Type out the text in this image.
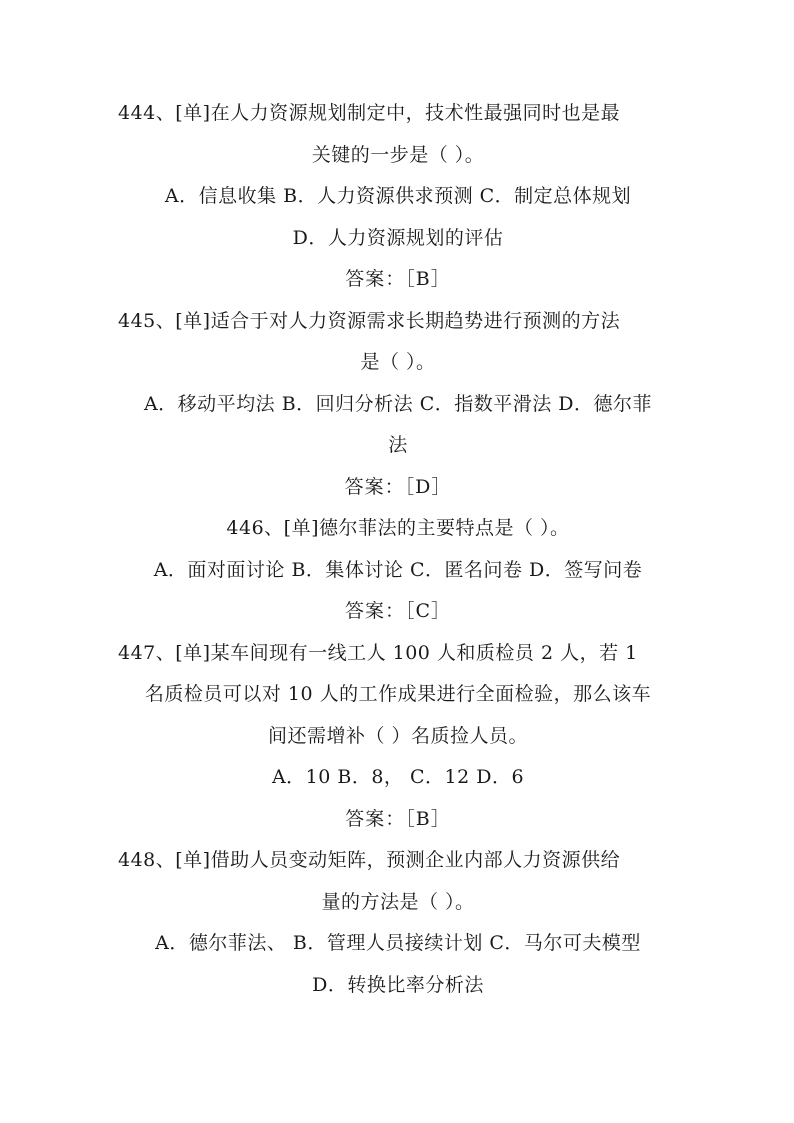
444、[单]在人力资源规划制定中，技术性最强同时也是最
关键的一步是（ ）。
A．信息收集 B．人力资源供求预测 C．制定总体规划
D．人力资源规划的评估
答案：［B］
445、[单]适合于对人力资源需求长期趋势进行预测的方法
是（ ）。
A．移动平均法 B．回归分析法 C．指数平滑法 D．德尔菲
法
答案：［D］
446、[单]德尔菲法的主要特点是（ ）。
A．面对面讨论 B．集体讨论 C．匿名问卷 D．签写问卷
答案：［C］
447、[单]某车间现有一线工人 100 人和质检员 2 人，若 1
名质检员可以对 10 人的工作成果进行全面检验，那么该车
间还需增补（ ）名质捡人员。
A．10 B．8， C．12 D．6
答案：［B］
448、[单]借助人员变动矩阵，预测企业内部人力资源供给
量的方法是（ ）。
A．德尔菲法、 B．管理人员接续计划 C．马尔可夫模型
D．转换比率分析法
